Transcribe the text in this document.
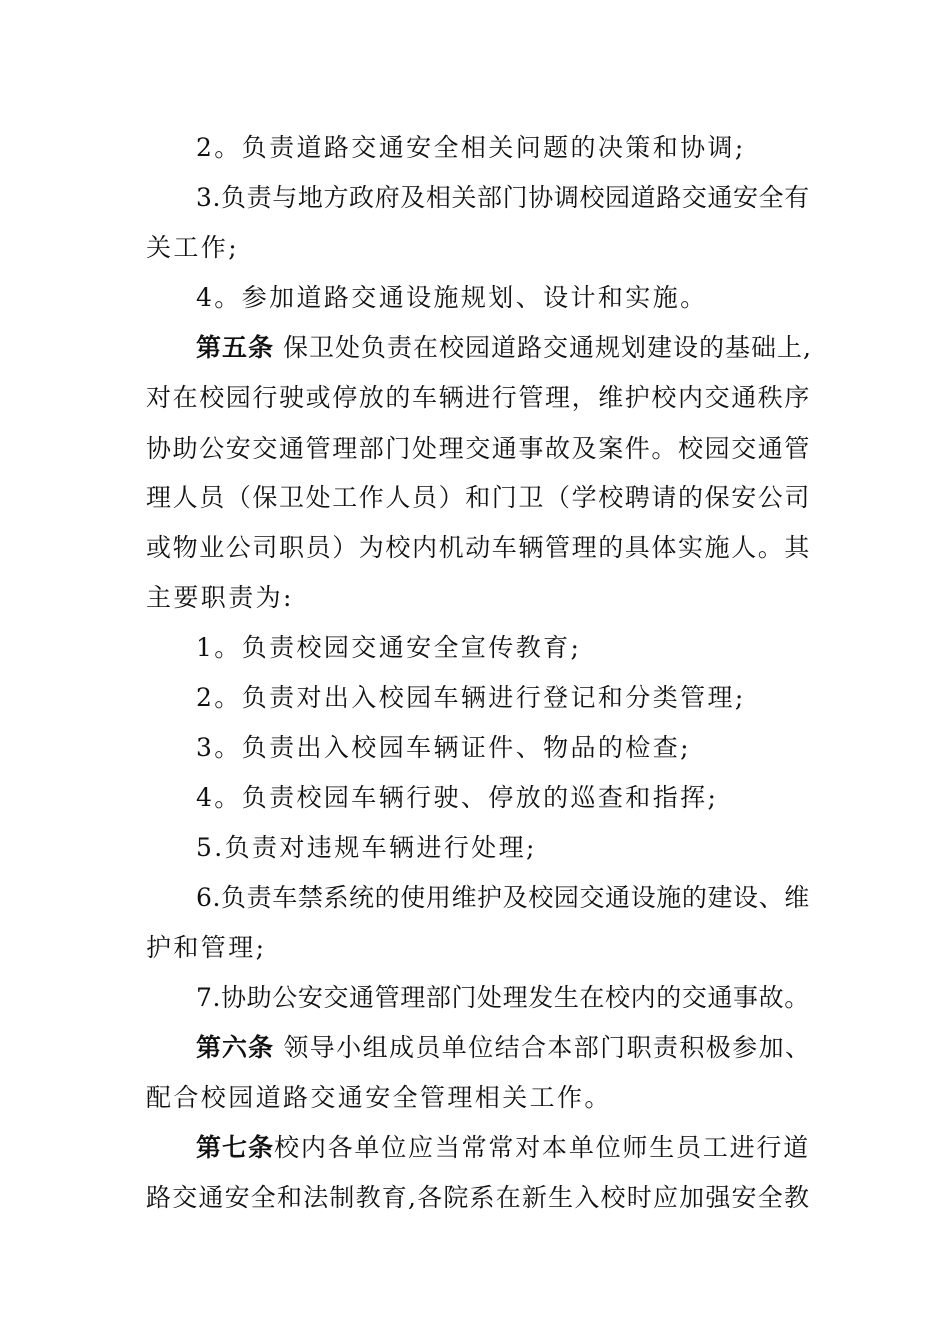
2。负责道路交通安全相关问题的决策和协调;
3.负责与地方政府及相关部门协调校园道路交通安全有
关工作;
4。参加道路交通设施规划、设计和实施。
第五条 保卫处负责在校园道路交通规划建设的基础上,
对在校园行驶或停放的车辆进行管理，维护校内交通秩序
协助公安交通管理部门处理交通事故及案件。校园交通管
理人员（保卫处工作人员）和门卫（学校聘请的保安公司
或物业公司职员）为校内机动车辆管理的具体实施人。其
主要职责为:
1。负责校园交通安全宣传教育;
2。负责对出入校园车辆进行登记和分类管理;
3。负责出入校园车辆证件、物品的检查;
4。负责校园车辆行驶、停放的巡查和指挥;
5.负责对违规车辆进行处理;
6.负责车禁系统的使用维护及校园交通设施的建设、维
护和管理;
7.协助公安交通管理部门处理发生在校内的交通事故。
第六条 领导小组成员单位结合本部门职责积极参加、
配合校园道路交通安全管理相关工作。
第七条校内各单位应当常常对本单位师生员工进行道
路交通安全和法制教育,各院系在新生入校时应加强安全教
